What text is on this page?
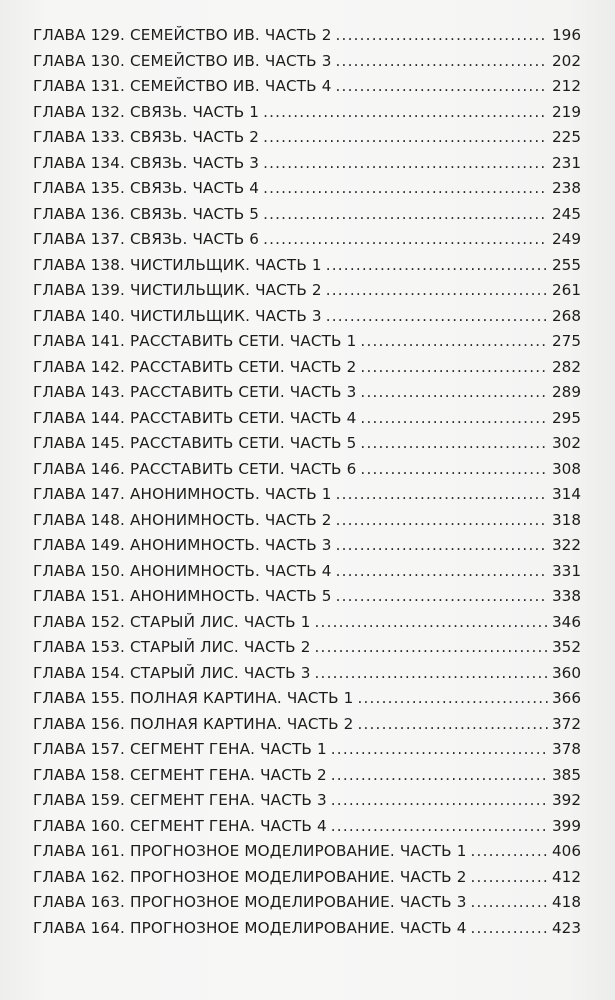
ГЛАВА 129. СЕМЕЙСТВО ИВ. ЧАСТЬ 2 .....	196
ГЛАВА 130. СЕМЕЙСТВО ИВ. ЧАСТЬ 3 .....	202
ГЛАВА 131. СЕМЕЙСТВО ИВ. ЧАСТЬ 4 .....	212
ГЛАВА 132. СВЯЗЬ. ЧАСТЬ 1 .....	219
ГЛАВА 133. СВЯЗЬ. ЧАСТЬ 2 .....	225
ГЛАВА 134. СВЯЗЬ. ЧАСТЬ 3 .....	231
ГЛАВА 135. СВЯЗЬ. ЧАСТЬ 4 .....	238
ГЛАВА 136. СВЯЗЬ. ЧАСТЬ 5 .....	245
ГЛАВА 137. СВЯЗЬ. ЧАСТЬ 6 .....	249
ГЛАВА 138. ЧИСТИЛЬЩИК. ЧАСТЬ 1 .....	255
ГЛАВА 139. ЧИСТИЛЬЩИК. ЧАСТЬ 2 .....	261
ГЛАВА 140. ЧИСТИЛЬЩИК. ЧАСТЬ 3 .....	268
ГЛАВА 141. РАССТАВИТЬ СЕТИ. ЧАСТЬ 1 .....	275
ГЛАВА 142. РАССТАВИТЬ СЕТИ. ЧАСТЬ 2 .....	282
ГЛАВА 143. РАССТАВИТЬ СЕТИ. ЧАСТЬ 3 .....	289
ГЛАВА 144. РАССТАВИТЬ СЕТИ. ЧАСТЬ 4 .....	295
ГЛАВА 145. РАССТАВИТЬ СЕТИ. ЧАСТЬ 5 .....	302
ГЛАВА 146. РАССТАВИТЬ СЕТИ. ЧАСТЬ 6 .....	308
ГЛАВА 147. АНОНИМНОСТЬ. ЧАСТЬ 1 .....	314
ГЛАВА 148. АНОНИМНОСТЬ. ЧАСТЬ 2 .....	318
ГЛАВА 149. АНОНИМНОСТЬ. ЧАСТЬ 3 .....	322
ГЛАВА 150. АНОНИМНОСТЬ. ЧАСТЬ 4 .....	331
ГЛАВА 151. АНОНИМНОСТЬ. ЧАСТЬ 5 .....	338
ГЛАВА 152. СТАРЫЙ ЛИС. ЧАСТЬ 1 .....	346
ГЛАВА 153. СТАРЫЙ ЛИС. ЧАСТЬ 2 .....	352
ГЛАВА 154. СТАРЫЙ ЛИС. ЧАСТЬ 3 .....	360
ГЛАВА 155. ПОЛНАЯ КАРТИНА. ЧАСТЬ 1 .....	366
ГЛАВА 156. ПОЛНАЯ КАРТИНА. ЧАСТЬ 2 .....	372
ГЛАВА 157. СЕГМЕНТ ГЕНА. ЧАСТЬ 1 .....	378
ГЛАВА 158. СЕГМЕНТ ГЕНА. ЧАСТЬ 2 .....	385
ГЛАВА 159. СЕГМЕНТ ГЕНА. ЧАСТЬ 3 .....	392
ГЛАВА 160. СЕГМЕНТ ГЕНА. ЧАСТЬ 4 .....	399
ГЛАВА 161. ПРОГНОЗНОЕ МОДЕЛИРОВАНИЕ. ЧАСТЬ 1 .....	406
ГЛАВА 162. ПРОГНОЗНОЕ МОДЕЛИРОВАНИЕ. ЧАСТЬ 2 .....	412
ГЛАВА 163. ПРОГНОЗНОЕ МОДЕЛИРОВАНИЕ. ЧАСТЬ 3 .....	418
ГЛАВА 164. ПРОГНОЗНОЕ МОДЕЛИРОВАНИЕ. ЧАСТЬ 4 .....	423
